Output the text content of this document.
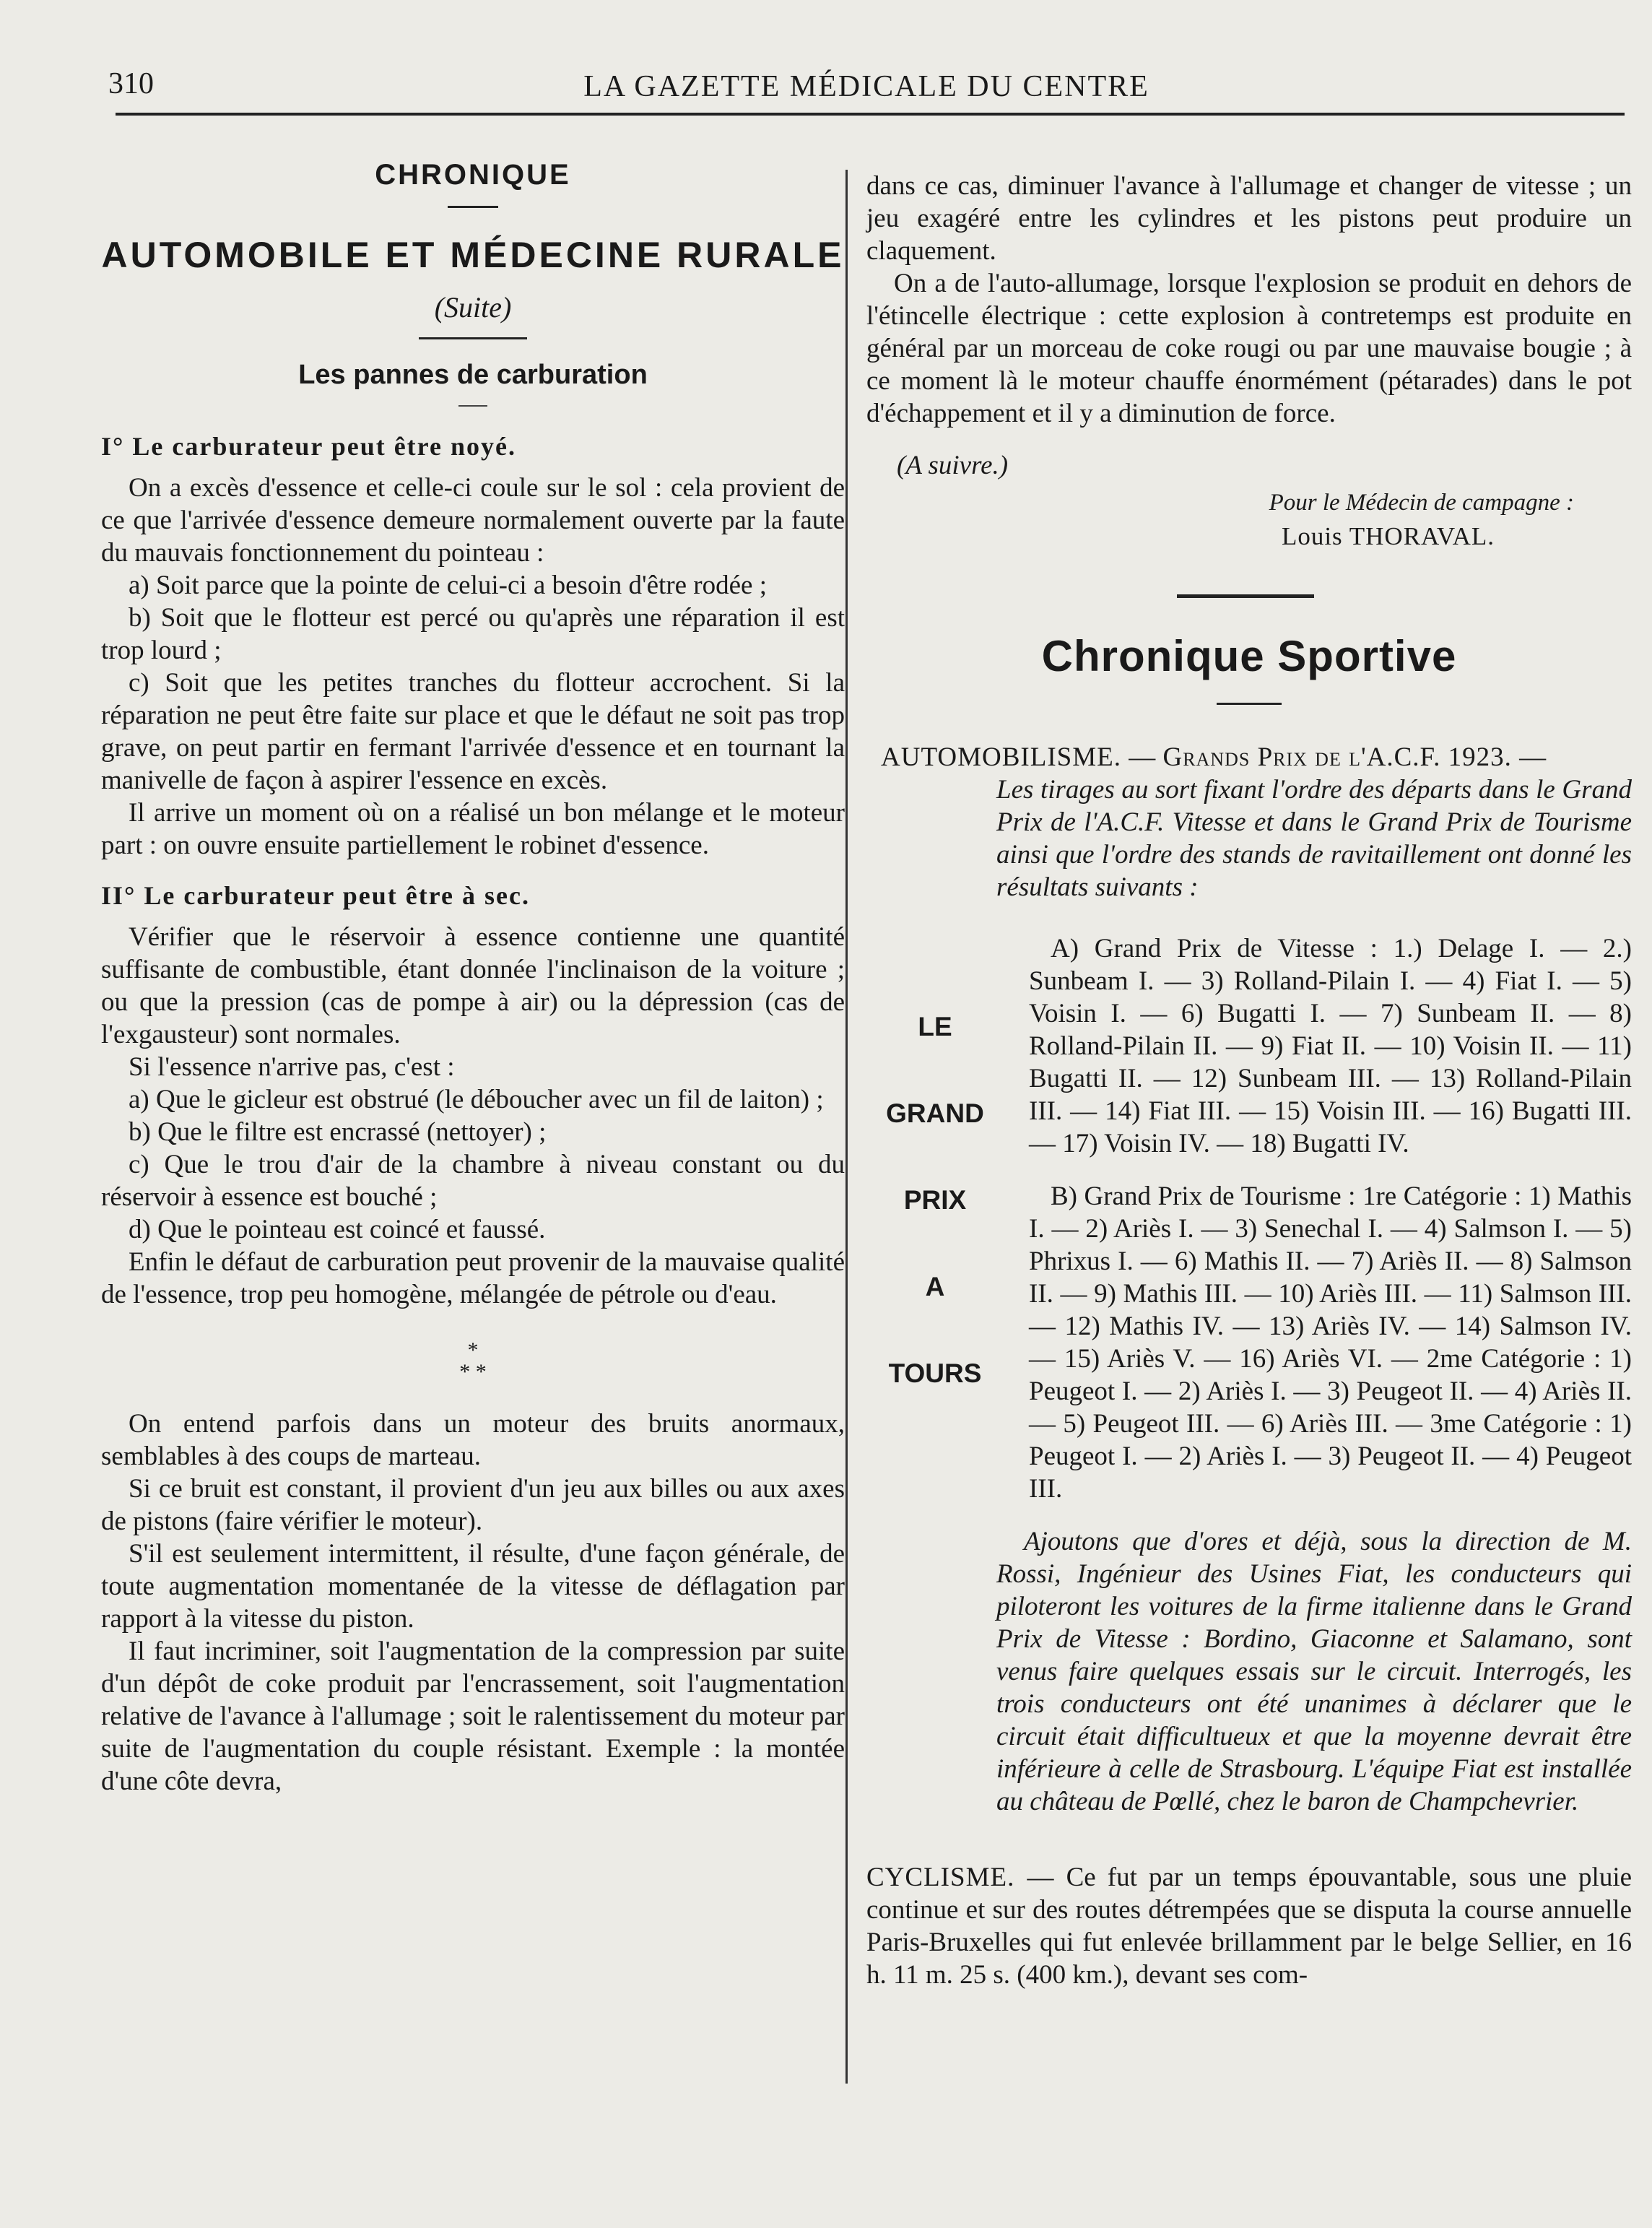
310	LA GAZETTE MÉDICALE DU CENTRE
CHRONIQUE
AUTOMOBILE ET MÉDECINE RURALE
(Suite)
Les pannes de carburation
I° Le carburateur peut être noyé.

On a excès d'essence et celle-ci coule sur le sol : cela provient de ce que l'arrivée d'essence demeure normalement ouverte par la faute du mauvais fonctionnement du pointeau :

a) Soit parce que la pointe de celui-ci a besoin d'être rodée ;

b) Soit que le flotteur est percé ou qu'après une réparation il est trop lourd ;

c) Soit que les petites tranches du flotteur accrochent. Si la réparation ne peut être faite sur place et que le défaut ne soit pas trop grave, on peut partir en fermant l'arrivée d'essence et en tournant la manivelle de façon à aspirer l'essence en excès.

Il arrive un moment où on a réalisé un bon mélange et le moteur part : on ouvre ensuite partiellement le robinet d'essence.

II° Le carburateur peut être à sec.

Vérifier que le réservoir à essence contienne une quantité suffisante de combustible, étant donnée l'inclinaison de la voiture ; ou que la pression (cas de pompe à air) ou la dépression (cas de l'exgausteur) sont normales.

Si l'essence n'arrive pas, c'est :

a) Que le gicleur est obstrué (le déboucher avec un fil de laiton) ;

b) Que le filtre est encrassé (nettoyer) ;

c) Que le trou d'air de la chambre à niveau constant ou du réservoir à essence est bouché ;

d) Que le pointeau est coincé et faussé.

Enfin le défaut de carburation peut provenir de la mauvaise qualité de l'essence, trop peu homogène, mélangée de pétrole ou d'eau.

*
* *

On entend parfois dans un moteur des bruits anormaux, semblables à des coups de marteau.

Si ce bruit est constant, il provient d'un jeu aux billes ou aux axes de pistons (faire vérifier le moteur).

S'il est seulement intermittent, il résulte, d'une façon générale, de toute augmentation momentanée de la vitesse de déflagation par rapport à la vitesse du piston.

Il faut incriminer, soit l'augmentation de la compression par suite d'un dépôt de coke produit par l'encrassement, soit l'augmentation relative de l'avance à l'allumage ; soit le ralentissement du moteur par suite de l'augmentation du couple résistant. Exemple : la montée d'une côte devra,

dans ce cas, diminuer l'avance à l'allumage et changer de vitesse ; un jeu exagéré entre les cylindres et les pistons peut produire un claquement.

On a de l'auto-allumage, lorsque l'explosion se produit en dehors de l'étincelle électrique : cette explosion à contretemps est produite en général par un morceau de coke rougi ou par une mauvaise bougie ; à ce moment là le moteur chauffe énormément (pétarades) dans le pot d'échappement et il y a diminution de force.

(A suivre.)
Pour le Médecin de campagne :
Louis THORAVAL.
Chronique Sportive
AUTOMOBILISME. — Grands Prix de l'A.C.F. 1923. —
Les tirages au sort fixant l'ordre des départs dans le Grand Prix de l'A.C.F. Vitesse et dans le Grand Prix de Tourisme ainsi que l'ordre des stands de ravitaillement ont donné les résultats suivants :
LE
GRAND
PRIX
A
TOURS
A) Grand Prix de Vitesse : 1.) Delage I. — 2.) Sunbeam I. — 3) Rolland-Pilain I. — 4) Fiat I. — 5) Voisin I. — 6) Bugatti I. — 7) Sunbeam II. — 8) Rolland-Pilain II. — 9) Fiat II. — 10) Voisin II. — 11) Bugatti II. — 12) Sunbeam III. — 13) Rolland-Pilain III. — 14) Fiat III. — 15) Voisin III. — 16) Bugatti III. — 17) Voisin IV. — 18) Bugatti IV.
B) Grand Prix de Tourisme : 1re Catégorie : 1) Mathis I. — 2) Ariès I. — 3) Senechal I. — 4) Salmson I. — 5) Phrixus I. — 6) Mathis II. — 7) Ariès II. — 8) Salmson II. — 9) Mathis III. — 10) Ariès III. — 11) Salmson III. — 12) Mathis IV. — 13) Ariès IV. — 14) Salmson IV. — 15) Ariès V. — 16) Ariès VI. — 2me Catégorie : 1) Peugeot I. — 2) Ariès I. — 3) Peugeot II. — 4) Ariès II. — 5) Peugeot III. — 6) Ariès III. — 3me Catégorie : 1) Peugeot I. — 2) Ariès I. — 3) Peugeot II. — 4) Peugeot III.
Ajoutons que d'ores et déjà, sous la direction de M. Rossi, Ingénieur des Usines Fiat, les conducteurs qui piloteront les voitures de la firme italienne dans le Grand Prix de Vitesse : Bordino, Giaconne et Salamano, sont venus faire quelques essais sur le circuit. Interrogés, les trois conducteurs ont été unanimes à déclarer que le circuit était difficultueux et que la moyenne devrait être inférieure à celle de Strasbourg. L'équipe Fiat est installée au château de Pœllé, chez le baron de Champchevrier.
CYCLISME. — Ce fut par un temps épouvantable, sous une pluie continue et sur des routes détrempées que se disputa la course annuelle Paris-Bruxelles qui fut enlevée brillamment par le belge Sellier, en 16 h. 11 m. 25 s. (400 km.), devant ses com-
